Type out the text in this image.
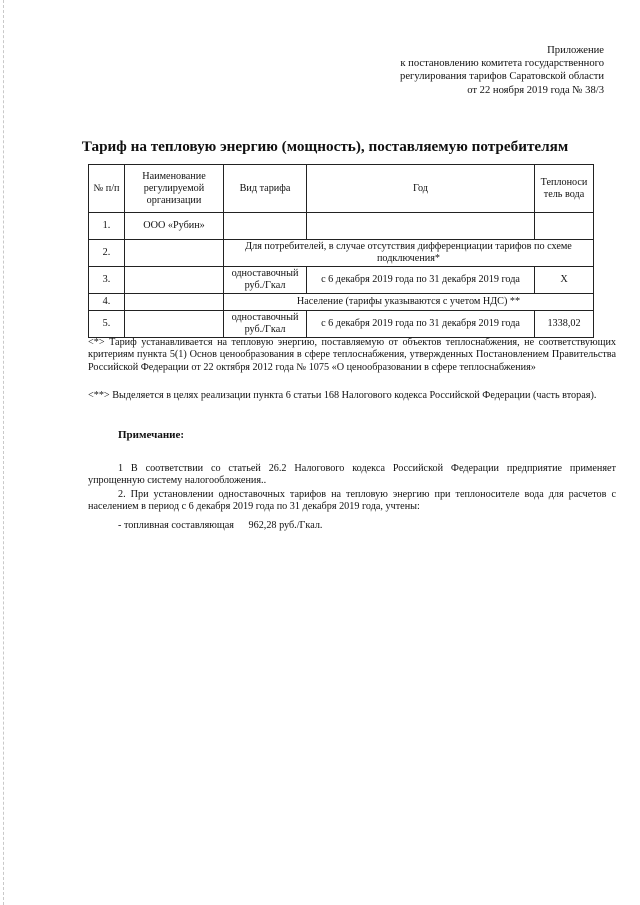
Приложение
к постановлению комитета государственного
регулирования тарифов Саратовской области
от 22 ноября 2019 года № 38/3
Тариф на тепловую энергию (мощность), поставляемую потребителям
№ п/п	Наименование регулируемой организации	Вид тарифа	Год	Теплоноси тель вода
1.	ООО «Рубин»			
2.		Для потребителей, в случае отсутствия дифференциации тарифов по схеме подключения*		
3.		одноставочный руб./Гкал	с 6 декабря 2019 года по 31 декабря 2019 года	Х
4.		Население (тарифы указываются с учетом НДС) **		
5.		одноставочный руб./Гкал	с 6 декабря 2019 года по 31 декабря 2019 года	1338,02
<*> Тариф устанавливается на тепловую энергию, поставляемую от объектов теплоснабжения, не соответствующих критериям пункта 5(1) Основ ценообразования в сфере теплоснабжения, утвержденных Постановлением Правительства Российской Федерации от 22 октября 2012 года № 1075 «О ценообразовании в сфере теплоснабжения»
<**> Выделяется в целях реализации пункта 6 статьи 168 Налогового кодекса Российской Федерации (часть вторая).
Примечание:
1 В соответствии со статьей 26.2 Налогового кодекса Российской Федерации предприятие применяет упрощенную систему налогообложения..
2. При установлении одноставочных тарифов на тепловую энергию при теплоносителе вода для расчетов с населением в период с 6 декабря 2019 года по 31 декабря 2019 года, учтены:
- топливная составляющая 962,28 руб./Гкал.
